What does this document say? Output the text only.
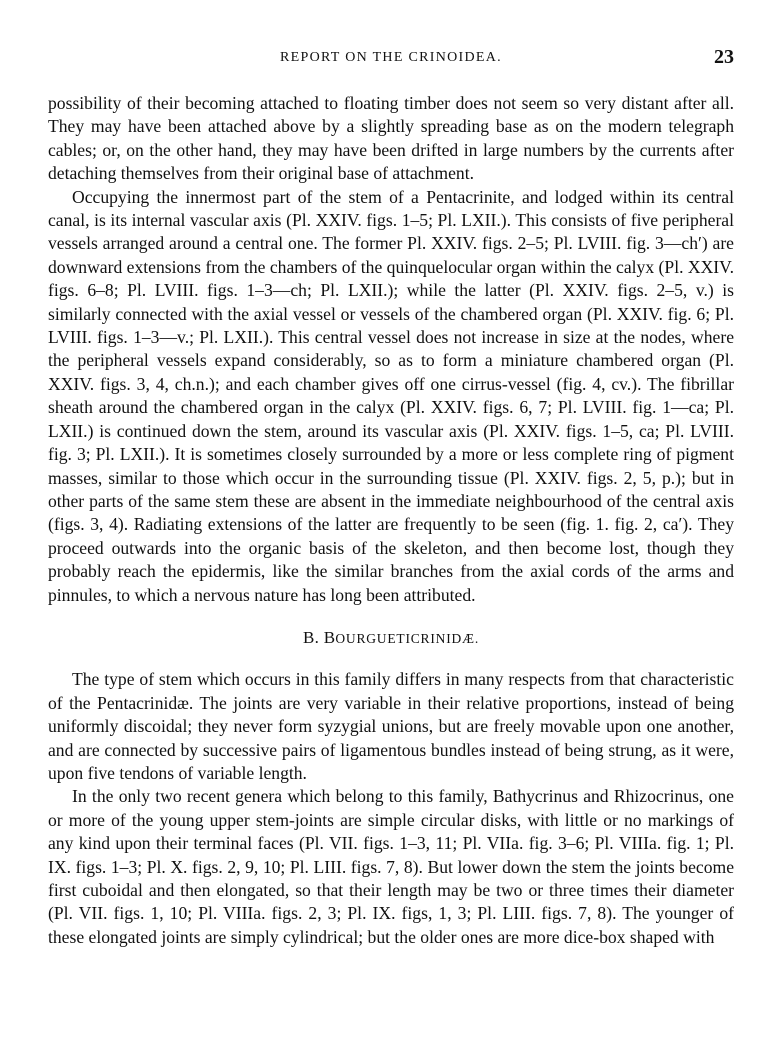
REPORT ON THE CRINOIDEA.	23

possibility of their becoming attached to floating timber does not seem so very distant after all. They may have been attached above by a slightly spreading base as on the modern telegraph cables; or, on the other hand, they may have been drifted in large numbers by the currents after detaching themselves from their original base of attachment.

Occupying the innermost part of the stem of a Pentacrinite, and lodged within its central canal, is its internal vascular axis (Pl. XXIV. figs. 1–5; Pl. LXII.). This consists of five peripheral vessels arranged around a central one. The former Pl. XXIV. figs. 2–5; Pl. LVIII. fig. 3—ch′) are downward extensions from the chambers of the quinquelocular organ within the calyx (Pl. XXIV. figs. 6–8; Pl. LVIII. figs. 1–3—ch; Pl. LXII.); while the latter (Pl. XXIV. figs. 2–5, v.) is similarly connected with the axial vessel or vessels of the chambered organ (Pl. XXIV. fig. 6; Pl. LVIII. figs. 1–3—v.; Pl. LXII.). This central vessel does not increase in size at the nodes, where the peripheral vessels expand considerably, so as to form a miniature chambered organ (Pl. XXIV. figs. 3, 4, ch.n.); and each chamber gives off one cirrus-vessel (fig. 4, cv.). The fibrillar sheath around the chambered organ in the calyx (Pl. XXIV. figs. 6, 7; Pl. LVIII. fig. 1—ca; Pl. LXII.) is continued down the stem, around its vascular axis (Pl. XXIV. figs. 1–5, ca; Pl. LVIII. fig. 3; Pl. LXII.). It is sometimes closely surrounded by a more or less complete ring of pigment masses, similar to those which occur in the surrounding tissue (Pl. XXIV. figs. 2, 5, p.); but in other parts of the same stem these are absent in the immediate neighbourhood of the central axis (figs. 3, 4). Radiating extensions of the latter are frequently to be seen (fig. 1. fig. 2, ca′). They proceed outwards into the organic basis of the skeleton, and then become lost, though they probably reach the epidermis, like the similar branches from the axial cords of the arms and pinnules, to which a nervous nature has long been attributed.

B. BOURGUETICRINIDÆ.

The type of stem which occurs in this family differs in many respects from that characteristic of the Pentacrinidæ. The joints are very variable in their relative proportions, instead of being uniformly discoidal; they never form syzygial unions, but are freely movable upon one another, and are connected by successive pairs of ligamentous bundles instead of being strung, as it were, upon five tendons of variable length.

In the only two recent genera which belong to this family, Bathycrinus and Rhizocrinus, one or more of the young upper stem-joints are simple circular disks, with little or no markings of any kind upon their terminal faces (Pl. VII. figs. 1–3, 11; Pl. VIIa. fig. 3–6; Pl. VIIIa. fig. 1; Pl. IX. figs. 1–3; Pl. X. figs. 2, 9, 10; Pl. LIII. figs. 7, 8). But lower down the stem the joints become first cuboidal and then elongated, so that their length may be two or three times their diameter (Pl. VII. figs. 1, 10; Pl. VIIIa. figs. 2, 3; Pl. IX. figs, 1, 3; Pl. LIII. figs. 7, 8). The younger of these elongated joints are simply cylindrical; but the older ones are more dice-box shaped with
